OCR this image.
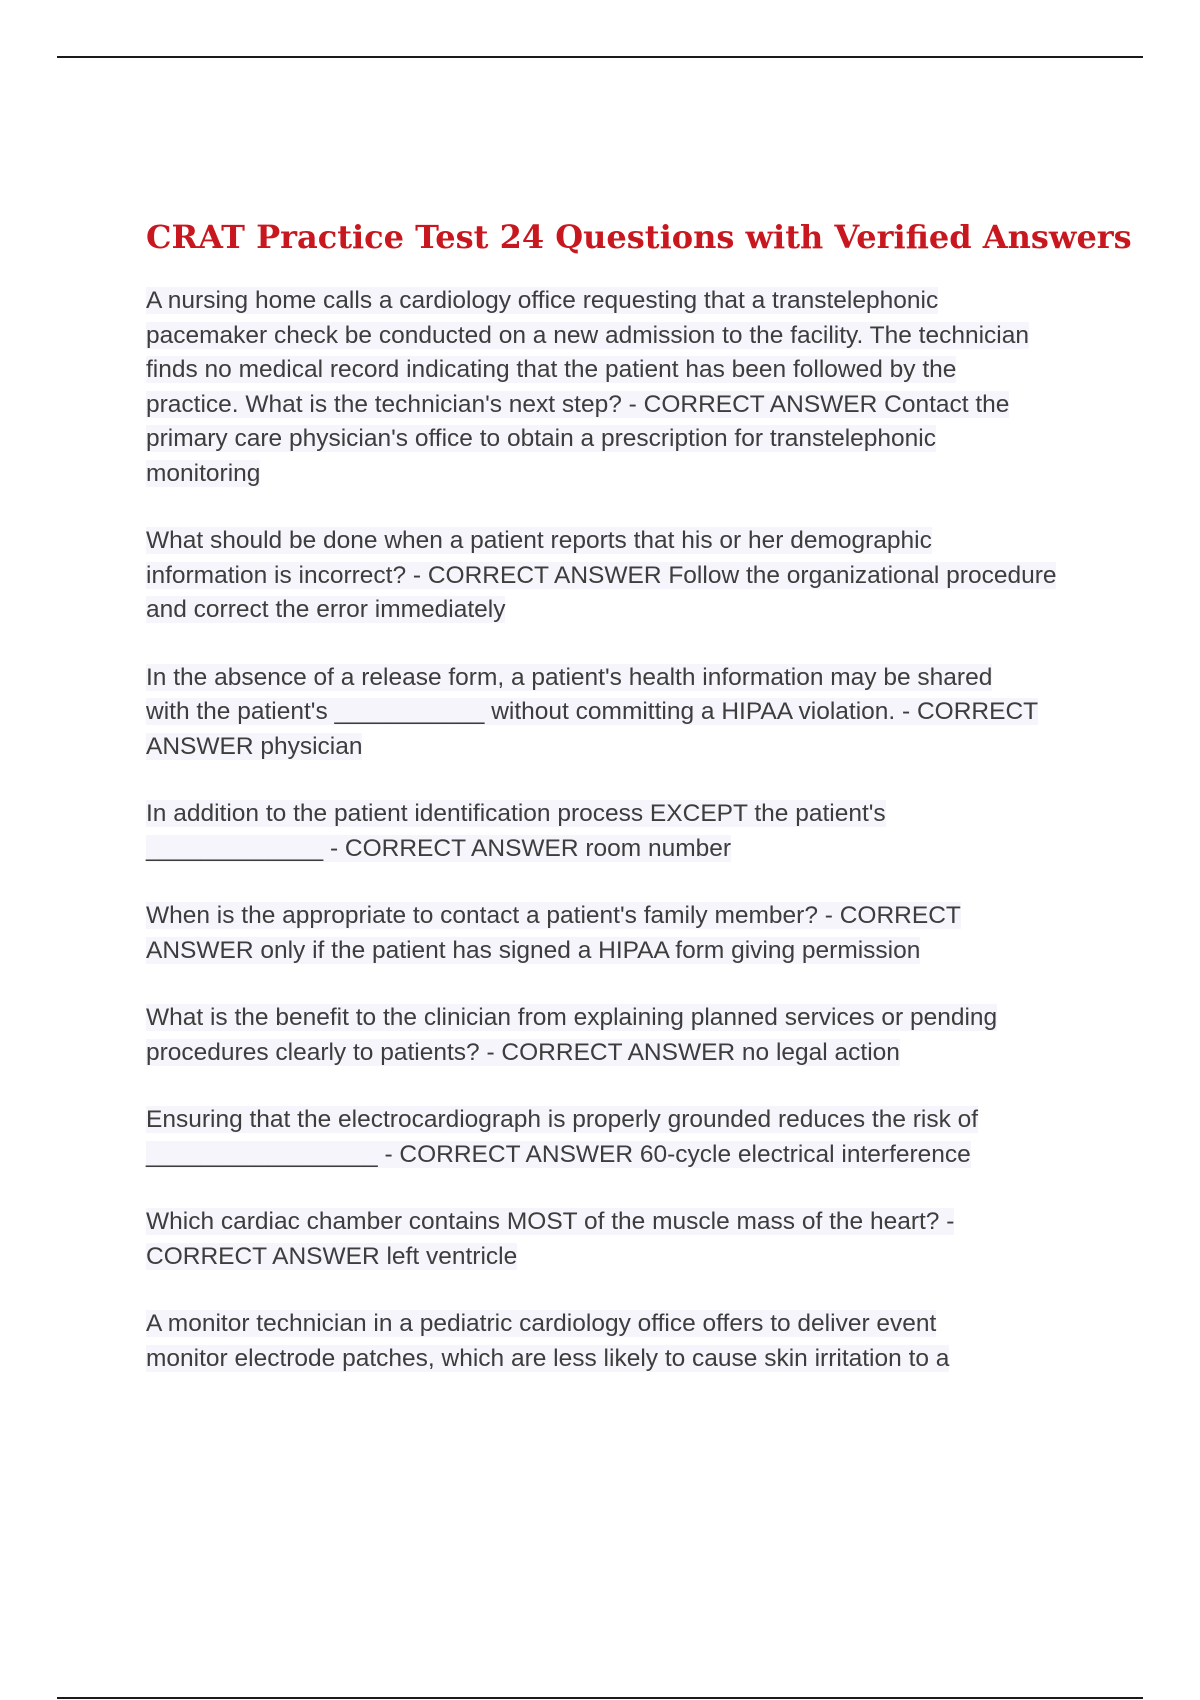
CRAT Practice Test 24 Questions with Verified Answers
A nursing home calls a cardiology office requesting that a transtelephonic
pacemaker check be conducted on a new admission to the facility. The technician
finds no medical record indicating that the patient has been followed by the
practice. What is the technician's next step? - CORRECT ANSWER Contact the
primary care physician's office to obtain a prescription for transtelephonic
monitoring
What should be done when a patient reports that his or her demographic
information is incorrect? - CORRECT ANSWER Follow the organizational procedure
and correct the error immediately
In the absence of a release form, a patient's health information may be shared
with the patient's ___________ without committing a HIPAA violation. - CORRECT
ANSWER physician
In addition to the patient identification process EXCEPT the patient's
_____________ - CORRECT ANSWER room number
When is the appropriate to contact a patient's family member? - CORRECT
ANSWER only if the patient has signed a HIPAA form giving permission
What is the benefit to the clinician from explaining planned services or pending
procedures clearly to patients? - CORRECT ANSWER no legal action
Ensuring that the electrocardiograph is properly grounded reduces the risk of
_________________ - CORRECT ANSWER 60-cycle electrical interference
Which cardiac chamber contains MOST of the muscle mass of the heart? -
CORRECT ANSWER left ventricle
A monitor technician in a pediatric cardiology office offers to deliver event
monitor electrode patches, which are less likely to cause skin irritation to a
